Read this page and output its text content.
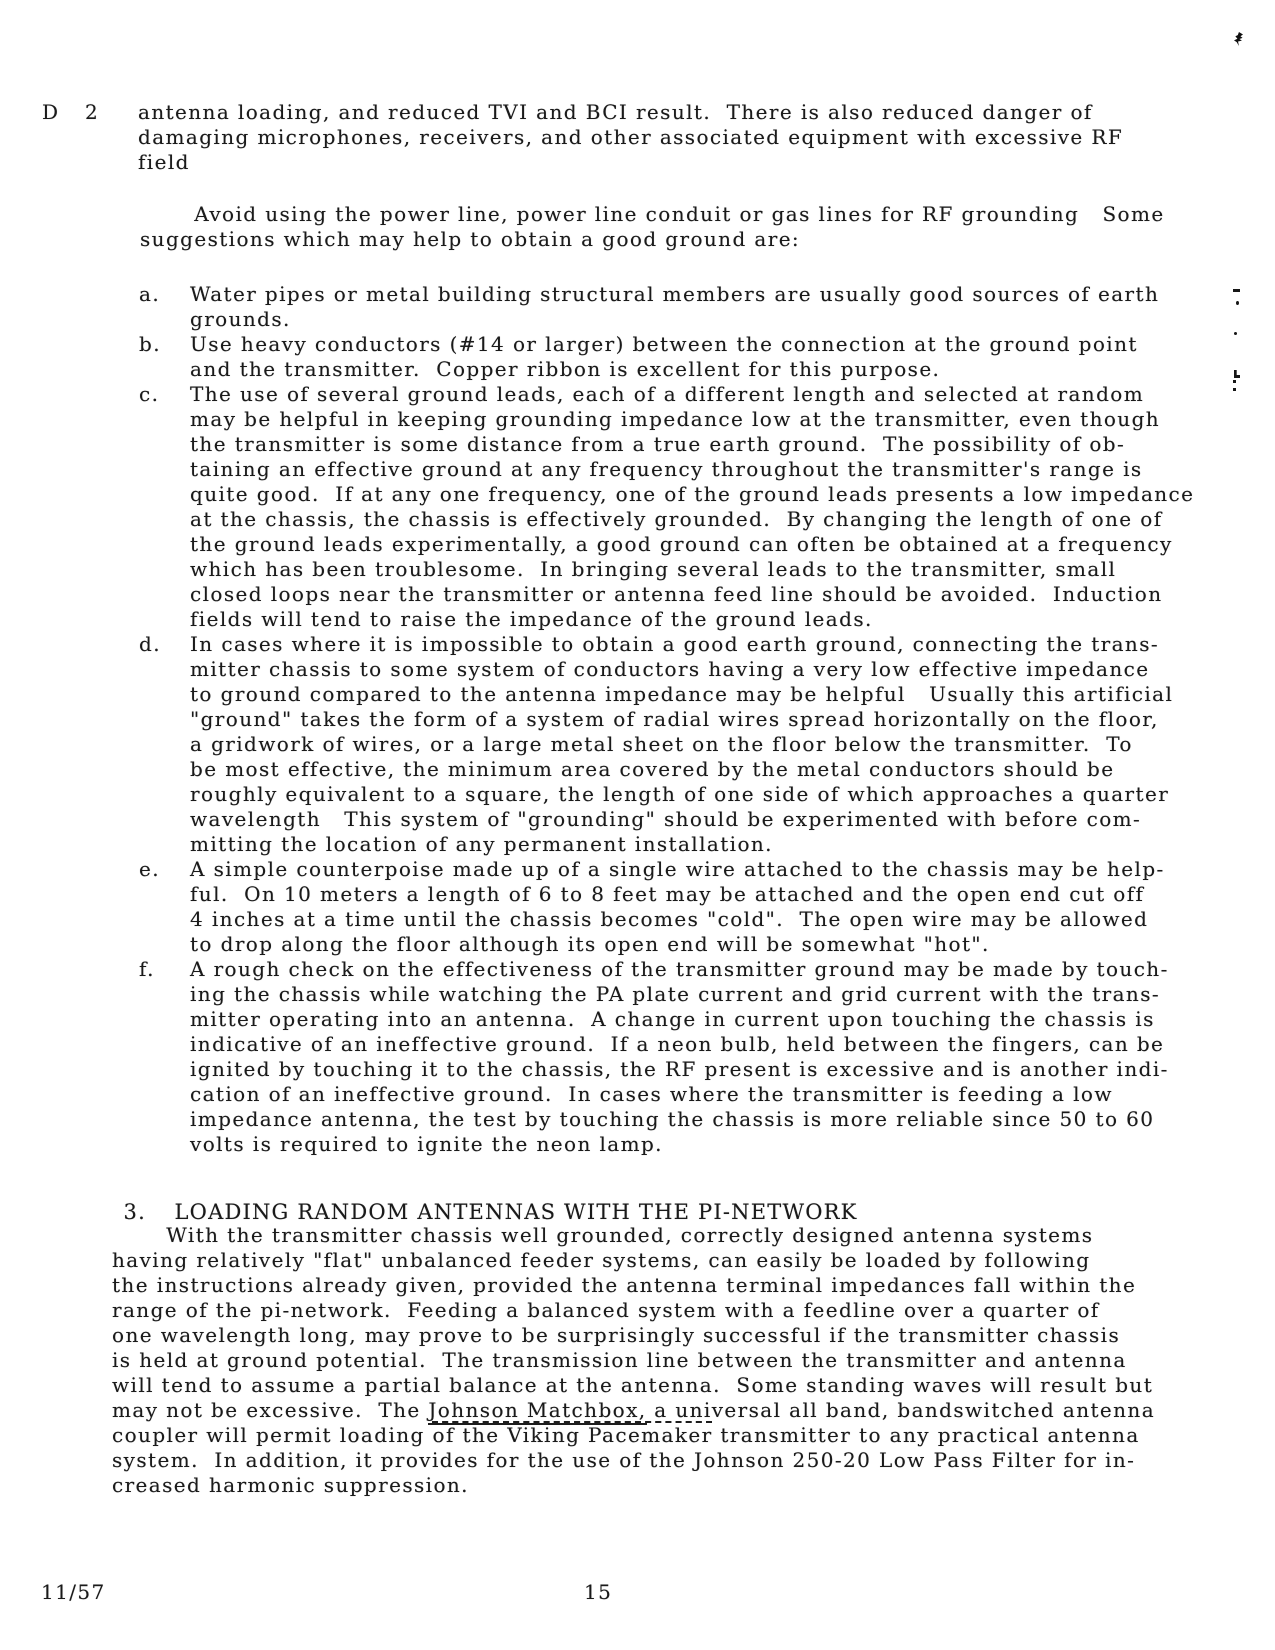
D 2 antenna loading, and reduced TVI and BCI result.  There is also reduced danger of
damaging microphones, receivers, and other associated equipment with excessive RF
field
Avoid using the power line, power line conduit or gas lines for RF grounding   Some
suggestions which may help to obtain a good ground are:
a. Water pipes or metal building structural members are usually good sources of earth
grounds.
b. Use heavy conductors (#14 or larger) between the connection at the ground point
and the transmitter.  Copper ribbon is excellent for this purpose.
c. The use of several ground leads, each of a different length and selected at random
may be helpful in keeping grounding impedance low at the transmitter, even though
the transmitter is some distance from a true earth ground.  The possibility of ob-
taining an effective ground at any frequency throughout the transmitter's range is
quite good.  If at any one frequency, one of the ground leads presents a low impedance
at the chassis, the chassis is effectively grounded.  By changing the length of one of
the ground leads experimentally, a good ground can often be obtained at a frequency
which has been troublesome.  In bringing several leads to the transmitter, small
closed loops near the transmitter or antenna feed line should be avoided.  Induction
fields will tend to raise the impedance of the ground leads.
d. In cases where it is impossible to obtain a good earth ground, connecting the trans-
mitter chassis to some system of conductors having a very low effective impedance
to ground compared to the antenna impedance may be helpful   Usually this artificial
"ground" takes the form of a system of radial wires spread horizontally on the floor,
a gridwork of wires, or a large metal sheet on the floor below the transmitter.  To
be most effective, the minimum area covered by the metal conductors should be
roughly equivalent to a square, the length of one side of which approaches a quarter
wavelength   This system of "grounding" should be experimented with before com-
mitting the location of any permanent installation.
e. A simple counterpoise made up of a single wire attached to the chassis may be help-
ful.  On 10 meters a length of 6 to 8 feet may be attached and the open end cut off
4 inches at a time until the chassis becomes "cold".  The open wire may be allowed
to drop along the floor although its open end will be somewhat "hot".
f. A rough check on the effectiveness of the transmitter ground may be made by touch-
ing the chassis while watching the PA plate current and grid current with the trans-
mitter operating into an antenna.  A change in current upon touching the chassis is
indicative of an ineffective ground.  If a neon bulb, held between the fingers, can be
ignited by touching it to the chassis, the RF present is excessive and is another indi-
cation of an ineffective ground.  In cases where the transmitter is feeding a low
impedance antenna, the test by touching the chassis is more reliable since 50 to 60
volts is required to ignite the neon lamp.

3. LOADING RANDOM ANTENNAS WITH THE PI-NETWORK

With the transmitter chassis well grounded, correctly designed antenna systems
having relatively "flat" unbalanced feeder systems, can easily be loaded by following
the instructions already given, provided the antenna terminal impedances fall within the
range of the pi-network.  Feeding a balanced system with a feedline over a quarter of
one wavelength long, may prove to be surprisingly successful if the transmitter chassis
is held at ground potential.  The transmission line between the transmitter and antenna
will tend to assume a partial balance at the antenna.  Some standing waves will result but
may not be excessive.  The Johnson Matchbox, a universal all band, bandswitched antenna
coupler will permit loading of the Viking Pacemaker transmitter to any practical antenna
system.  In addition, it provides for the use of the Johnson 250-20 Low Pass Filter for in-
creased harmonic suppression.
11/57	15
